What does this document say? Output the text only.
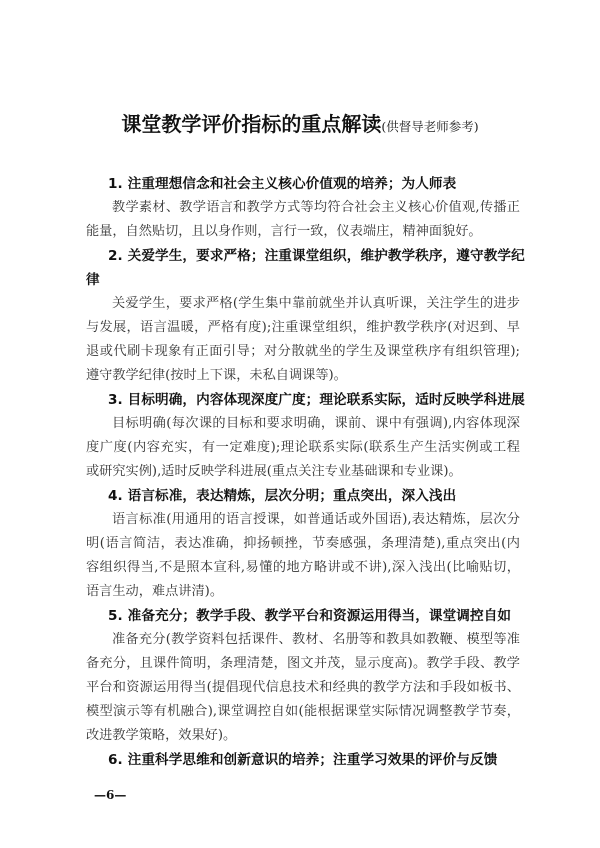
课堂教学评价指标的重点解读(供督导老师参考)
1. 注重理想信念和社会主义核心价值观的培养；为人师表
教学素材、教学语言和教学方式等均符合社会主义核心价值观,传播正
能量，自然贴切，且以身作则，言行一致，仪表端庄，精神面貌好。
2. 关爱学生，要求严格；注重课堂组织，维护教学秩序，遵守教学纪
律
关爱学生，要求严格(学生集中靠前就坐并认真听课，关注学生的进步
与发展，语言温暖，严格有度);注重课堂组织，维护教学秩序(对迟到、早
退或代刷卡现象有正面引导；对分散就坐的学生及课堂秩序有组织管理);
遵守教学纪律(按时上下课，未私自调课等)。
3. 目标明确，内容体现深度广度；理论联系实际，适时反映学科进展
目标明确(每次课的目标和要求明确，课前、课中有强调),内容体现深
度广度(内容充实，有一定难度);理论联系实际(联系生产生活实例或工程
或研究实例),适时反映学科进展(重点关注专业基础课和专业课)。
4. 语言标准，表达精炼，层次分明；重点突出，深入浅出
语言标准(用通用的语言授课，如普通话或外国语),表达精炼，层次分
明(语言简洁，表达准确，抑扬顿挫，节奏感强，条理清楚),重点突出(内
容组织得当,不是照本宣科,易懂的地方略讲或不讲),深入浅出(比喻贴切，
语言生动，难点讲清)。
5. 准备充分；教学手段、教学平台和资源运用得当，课堂调控自如
准备充分(教学资料包括课件、教材、名册等和教具如教鞭、模型等准
备充分，且课件简明，条理清楚，图文并茂，显示度高)。教学手段、教学
平台和资源运用得当(提倡现代信息技术和经典的教学方法和手段如板书、
模型演示等有机融合),课堂调控自如(能根据课堂实际情况调整教学节奏，
改进教学策略，效果好)。
6. 注重科学思维和创新意识的培养；注重学习效果的评价与反馈
—6—
